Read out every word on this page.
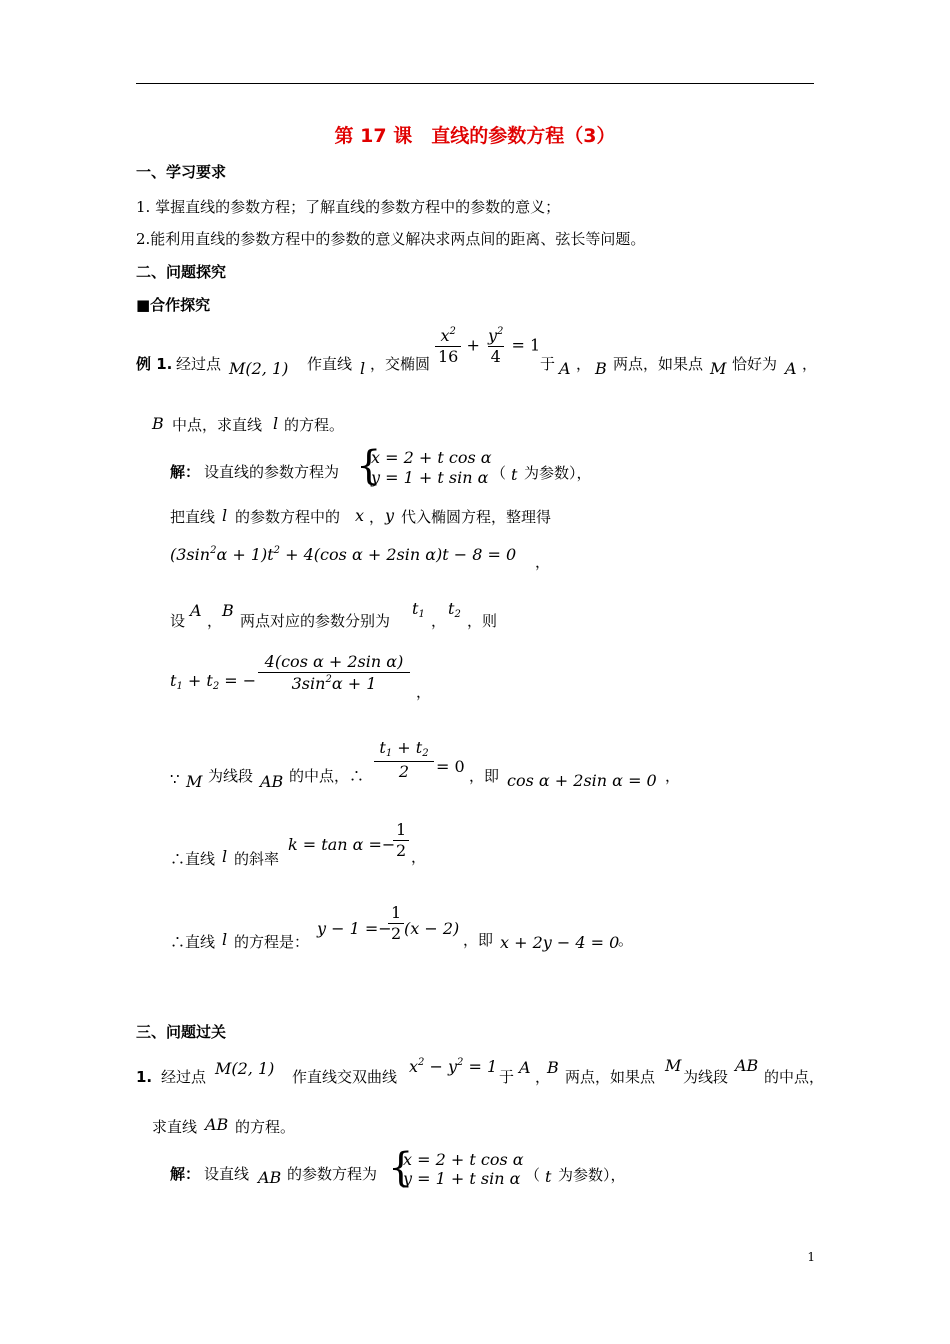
第 17 课　直线的参数方程（3）
一、学习要求
1. 掌握直线的参数方程；了解直线的参数方程中的参数的意义；
2.能利用直线的参数方程中的参数的意义解决求两点间的距离、弦长等问题。
二、问题探究
■合作探究
例 1. 经过点 M(2, 1) 作直线 l ，交椭圆 $\frac{x^2}{16} + \frac{y^2}{4} = 1$
于 A ， B 两点，如果点 M 恰好为 A ，
B 中点，求直线 l 的方程。
解： 设直线的参数方程为 {
x = 2 + t cos α
y = 1 + t sin α （ t 为参数），
把直线 l 的参数方程中的 x ， y 代入椭圆方程，整理得
$(3\sin^2\alpha + 1)t^2 + 4(\cos$ α + 2sin α)t − 8 = 0 ，
设
A
，
B
两点对应的参数分别为
$t_1$ ，
$t_2$ ，则
$t_1 + t_2$ = − $\frac{\text{4(cos α + 2sin α)}}{3\sin^2\alpha + 1}$ ，
∵ M 为线段 AB 的中点，∴ $\frac{t_1 + t_2}{2} = 0$ ，即 cos α + 2sin α = 0 ，
∴直线 l 的斜率
k = tan α =−
$\frac{1}{2}$ ，
∴直线 l 的方程是：
y − 1 =−
$\frac{1}{2} (x - 2)$
，即 x + 2y − 4 = 0
。
三、问题过关
1. 经过点 M(2, 1) 作直线交双曲线
$x^2 - y^2 = 1$
于 A ，
B 两点，如果点
M
为线段
AB
的中点，
求直线 AB 的方程。
解： 设直线 AB 的参数方程为 {
x = 2 + t cos α
y = 1 + t sin α （ t 为参数），
1
